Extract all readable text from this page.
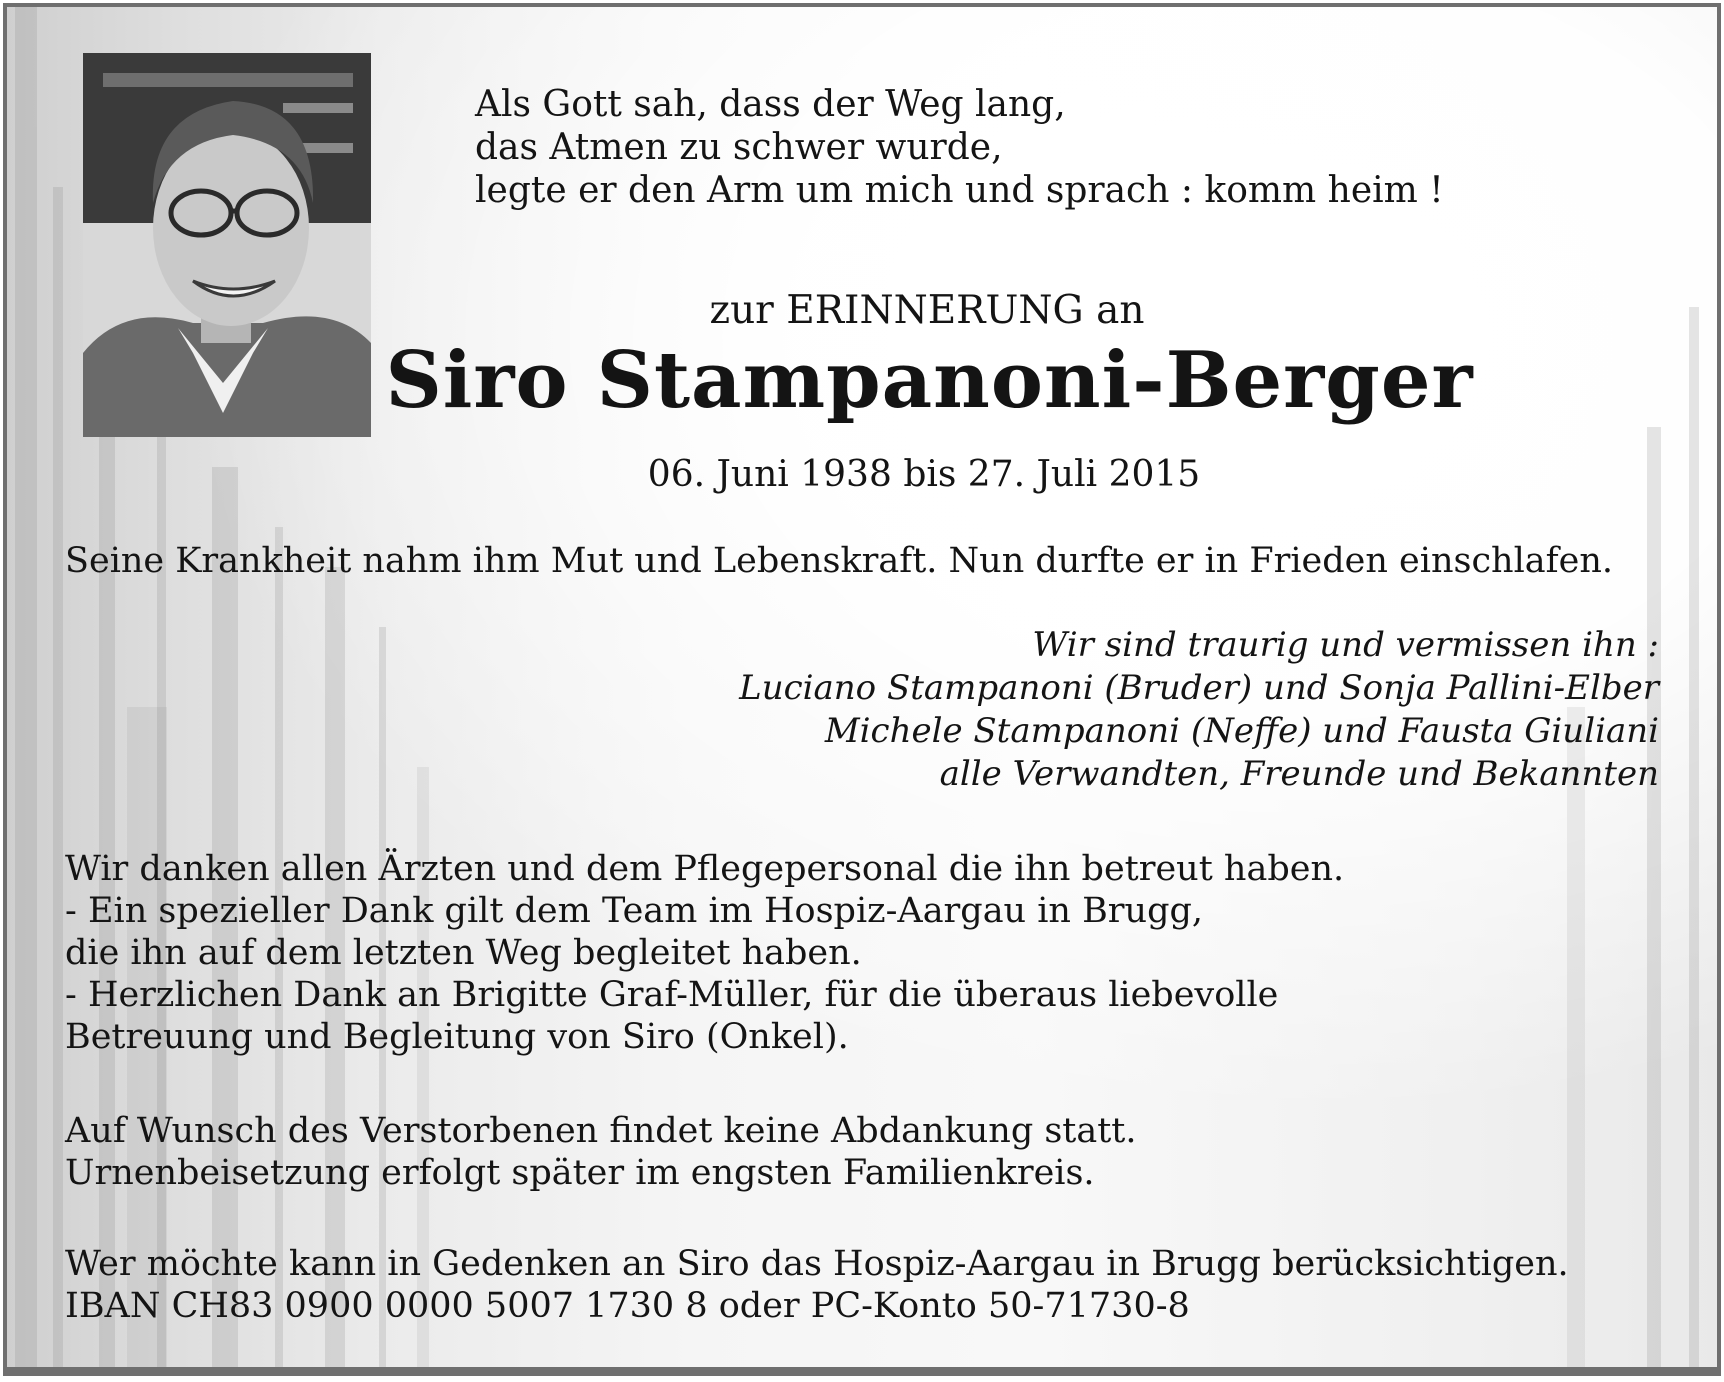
Als Gott sah, dass der Weg lang,
das Atmen zu schwer wurde,
legte er den Arm um mich und sprach : komm heim !
zur ERINNERUNG an
Siro Stampanoni-Berger
06. Juni 1938 bis 27. Juli 2015
Seine Krankheit nahm ihm Mut und Lebenskraft. Nun durfte er in Frieden einschlafen.
Wir sind traurig und vermissen ihn :
Luciano Stampanoni (Bruder) und Sonja Pallini-Elber
Michele Stampanoni (Neffe) und Fausta Giuliani
alle Verwandten, Freunde und Bekannten
Wir danken allen Ärzten und dem Pflegepersonal die ihn betreut haben.
- Ein spezieller Dank gilt dem Team im Hospiz-Aargau in Brugg,
die ihn auf dem letzten Weg begleitet haben.
- Herzlichen Dank an Brigitte Graf-Müller, für die überaus liebevolle
Betreuung und Begleitung von Siro (Onkel).
Auf Wunsch des Verstorbenen findet keine Abdankung statt.
Urnenbeisetzung erfolgt später im engsten Familienkreis.
Wer möchte kann in Gedenken an Siro das Hospiz-Aargau in Brugg berücksichtigen.
IBAN CH83 0900 0000 5007 1730 8 oder PC-Konto 50-71730-8
